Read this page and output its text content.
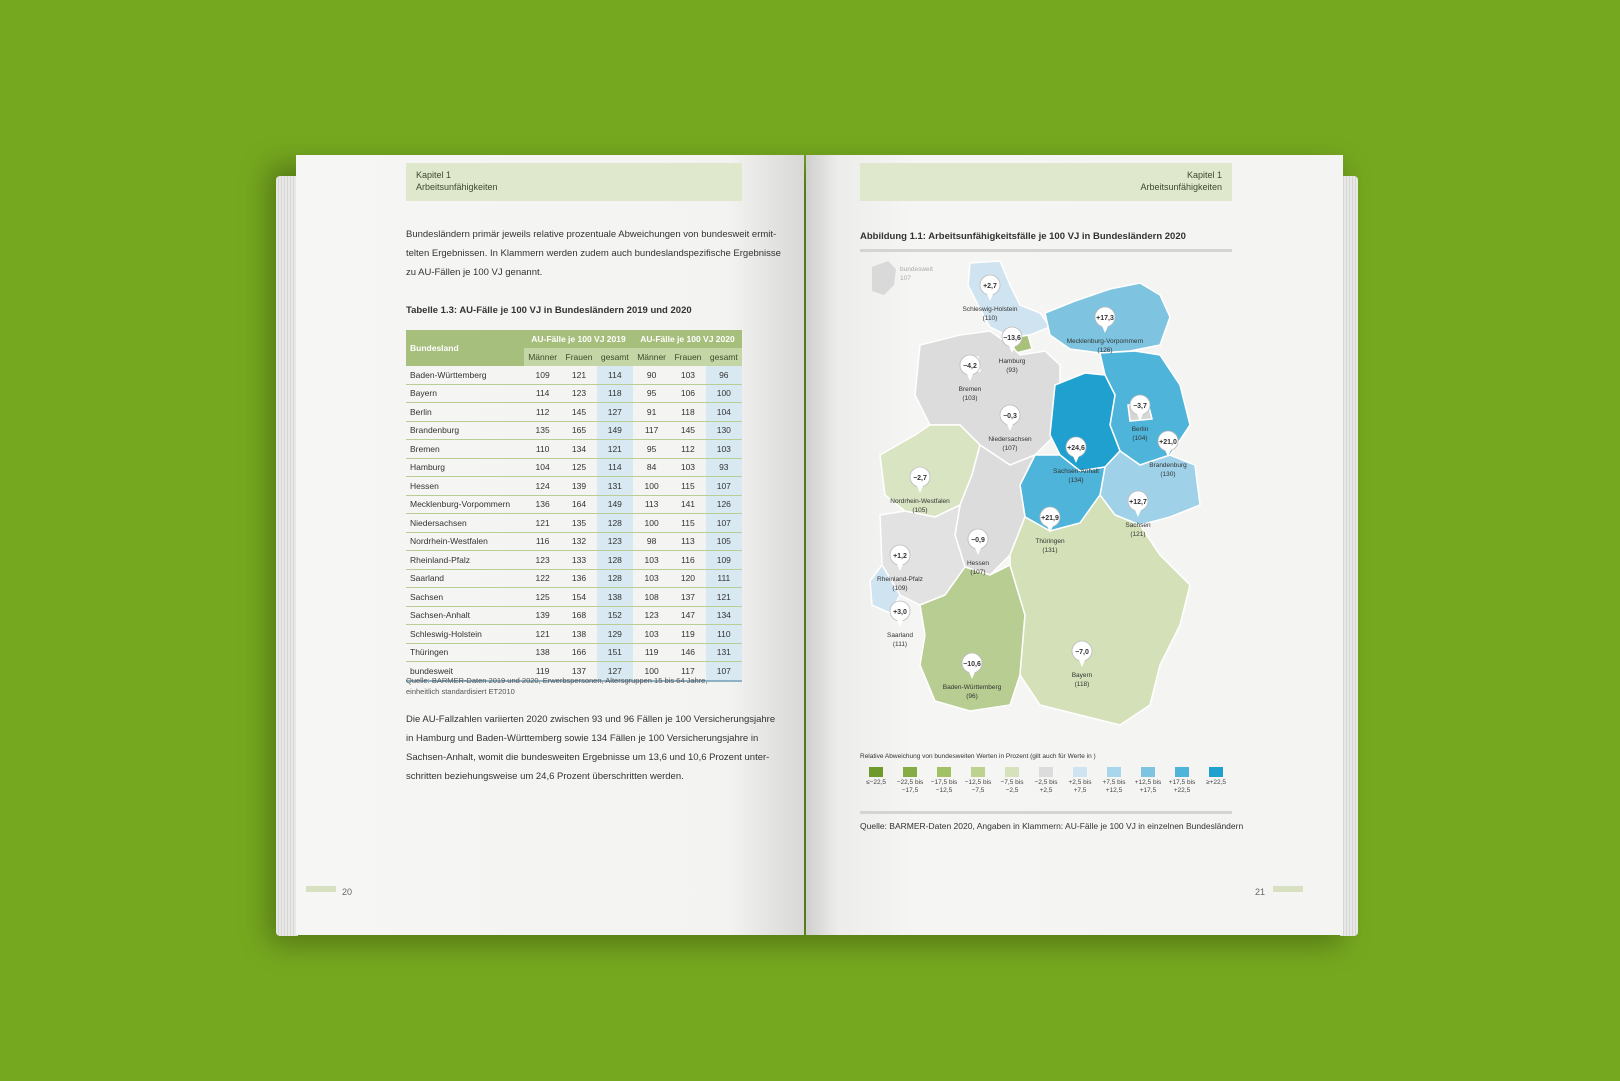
Kapitel 1
Arbeitsunfähigkeiten
Bundesländern primär jeweils relative prozentuale Abweichungen von bundesweit ermit-
telten Ergebnissen. In Klammern werden zudem auch bundeslandspezifische Ergebnisse
zu AU-Fällen je 100 VJ genannt.
Tabelle 1.3: AU-Fälle je 100 VJ in Bundesländern 2019 und 2020
Bundesland	AU-Fälle je 100 VJ 2019			AU-Fälle je 100 VJ 2020		
	Männer	Frauen	gesamt	Männer	Frauen	gesamt
Baden-Württemberg	109	121	114	90	103	96
Bayern	114	123	118	95	106	100
Berlin	112	145	127	91	118	104
Brandenburg	135	165	149	117	145	130
Bremen	110	134	121	95	112	103
Hamburg	104	125	114	84	103	93
Hessen	124	139	131	100	115	107
Mecklenburg-Vorpommern	136	164	149	113	141	126
Niedersachsen	121	135	128	100	115	107
Nordrhein-Westfalen	116	132	123	98	113	105
Rheinland-Pfalz	123	133	128	103	116	109
Saarland	122	136	128	103	120	111
Sachsen	125	154	138	108	137	121
Sachsen-Anhalt	139	168	152	123	147	134
Schleswig-Holstein	121	138	129	103	119	110
Thüringen	138	166	151	119	146	131
bundesweit	119	137	127	100	117	107
Quelle: BARMER-Daten 2019 und 2020, Erwerbspersonen, Altersgruppen 15 bis 64 Jahre,
einheitlich standardisiert ET2010
Die AU-Fallzahlen variierten 2020 zwischen 93 und 96 Fällen je 100 Versicherungsjahre
in Hamburg und Baden-Württemberg sowie 134 Fällen je 100 Versicherungsjahre in
Sachsen-Anhalt, womit die bundesweiten Ergebnisse um 13,6 und 10,6 Prozent unter-
schritten beziehungsweise um 24,6 Prozent überschritten werden.
20
Kapitel 1
Arbeitsunfähigkeiten
Abbildung 1.1: Arbeitsunfähigkeitsfälle je 100 VJ in Bundesländern 2020
bundesweit
107
+2,7
Schleswig-Holstein
(110)	+17,3
Mecklenburg-Vorpommern
(126)
−13,6
Hamburg
(93)
−4,2
Bremen
(103)
−0,3
Niedersachsen
(107)
−3,7
Berlin
(104)
+21,0
Brandenburg
(130)
+24,6
Sachsen-Anhalt
(134)
−2,7
Nordrhein-Westfalen
(105)
+12,7
Sachsen
(121)
+21,9
Thüringen
(131)
−0,9
Hessen
(107)
+1,2
Rheinland-Pfalz
(109)
+3,0
Saarland
(111)
−10,6
Baden-Württemberg
(96)
−7,0
Bayern
(118)
Relative Abweichung von bundesweiten Werten in Prozent (gilt auch für Werte in )
≤−22,5	−22,5 bis
−17,5
−17,5 bis
−12,5
−12,5 bis
−7,5
−7,5 bis
−2,5
−2,5 bis
+2,5
+2,5 bis
+7,5
+7,5 bis
+12,5
+12,5 bis
+17,5
+17,5 bis
+22,5
≥+22,5
Quelle: BARMER-Daten 2020, Angaben in Klammern: AU-Fälle je 100 VJ in einzelnen Bundesländern
21
